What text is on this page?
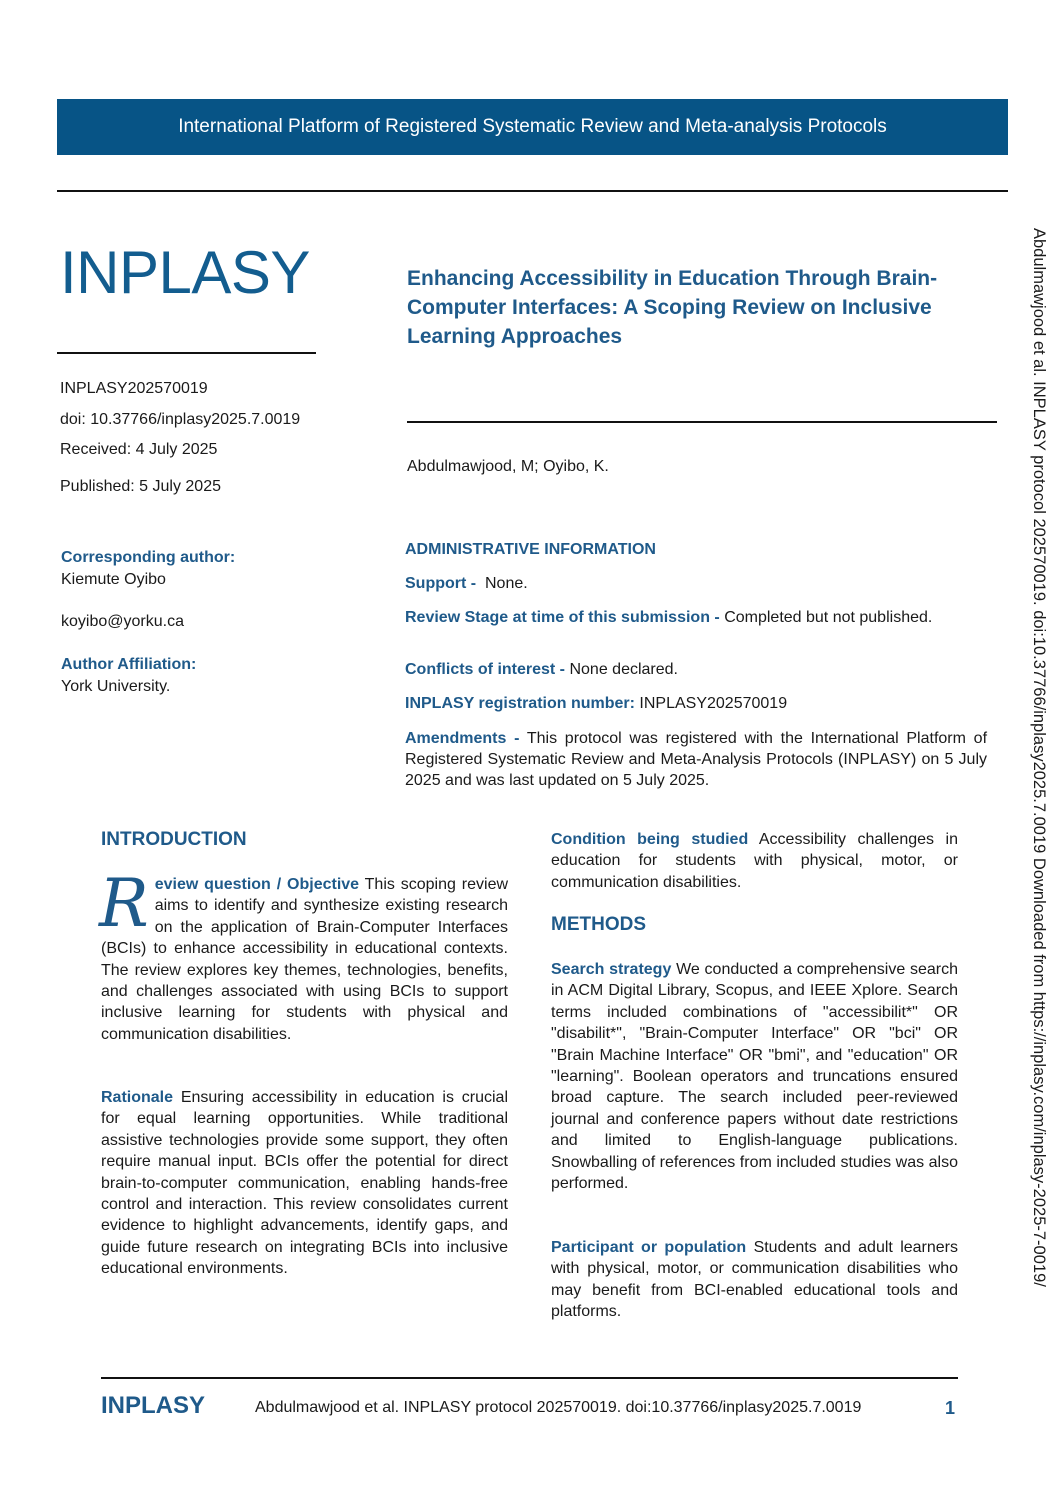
International Platform of Registered Systematic Review and Meta-analysis Protocols
INPLASY	Enhancing Accessibility in Education Through Brain-Computer Interfaces: A Scoping Review on Inclusive Learning Approaches
INPLASY202570019
doi: 10.37766/inplasy2025.7.0019
Received: 4 July 2025
Published: 5 July 2025
Abdulmawjood, M; Oyibo, K.
Corresponding author:
Kiemute Oyibo
koyibo@yorku.ca
Author Affiliation:
York University.
ADMINISTRATIVE INFORMATION
Support - None.
Review Stage at time of this submission - Completed but not published.
Conflicts of interest - None declared.
INPLASY registration number: INPLASY202570019
Amendments - This protocol was registered with the International Platform of Registered Systematic Review and Meta-Analysis Protocols (INPLASY) on 5 July 2025 and was last updated on 5 July 2025.
INTRODUCTION
Review question / Objective This scoping review aims to identify and synthesize existing research on the application of Brain-Computer Interfaces (BCIs) to enhance accessibility in educational contexts. The review explores key themes, technologies, benefits, and challenges associated with using BCIs to support inclusive learning for students with physical and communication disabilities.
Rationale Ensuring accessibility in education is crucial for equal learning opportunities. While traditional assistive technologies provide some support, they often require manual input. BCIs offer the potential for direct brain-to-computer communication, enabling hands-free control and interaction. This review consolidates current evidence to highlight advancements, identify gaps, and guide future research on integrating BCIs into inclusive educational environments.
Condition being studied Accessibility challenges in education for students with physical, motor, or communication disabilities.
METHODS
Search strategy We conducted a comprehensive search in ACM Digital Library, Scopus, and IEEE Xplore. Search terms included combinations of "accessibilit*" OR "disabilit*", "Brain-Computer Interface" OR "bci" OR "Brain Machine Interface" OR "bmi", and "education" OR "learning". Boolean operators and truncations ensured broad capture. The search included peer-reviewed journal and conference papers without date restrictions and limited to English-language publications. Snowballing of references from included studies was also performed.
Participant or population Students and adult learners with physical, motor, or communication disabilities who may benefit from BCI-enabled educational tools and platforms.
Abdulmawjood et al. INPLASY protocol 202570019. doi:10.37766/inplasy2025.7.0019 Downloaded from https://inplasy.com/inplasy-2025-7-0019/
INPLASY	Abdulmawjood et al. INPLASY protocol 202570019. doi:10.37766/inplasy2025.7.0019	1
